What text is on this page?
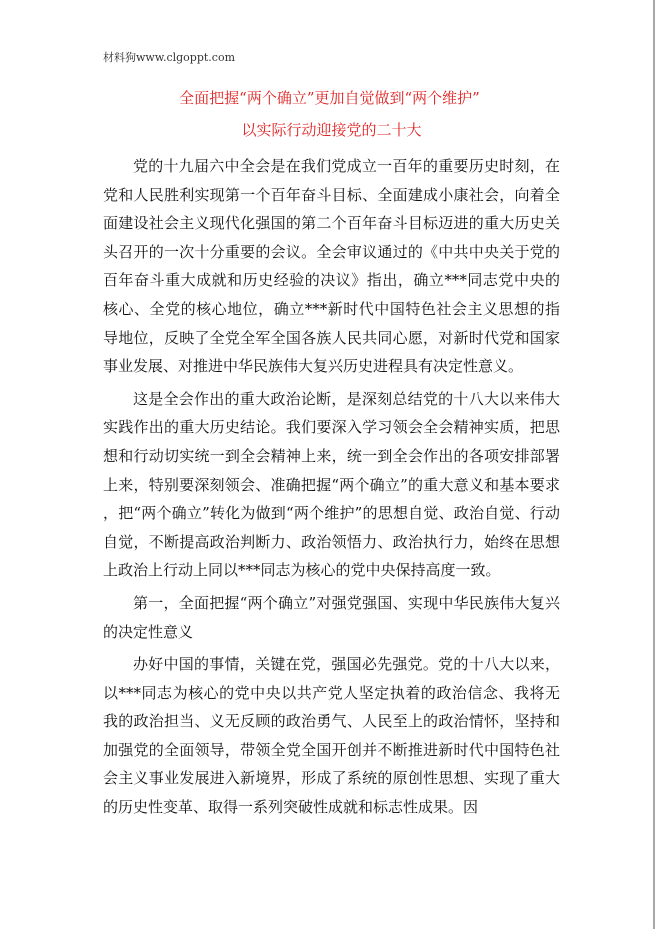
材料狗www.clgoppt.com
全面把握“两个确立”更加自觉做到“两个维护”
以实际行动迎接党的二十大

党的十九届六中全会是在我们党成立一百年的重要历史时刻，在党和人民胜利实现第一个百年奋斗目标、全面建成小康社会，向着全面建设社会主义现代化强国的第二个百年奋斗目标迈进的重大历史关头召开的一次十分重要的会议。全会审议通过的《中共中央关于党的百年奋斗重大成就和历史经验的决议》指出，确立***同志党中央的核心、全党的核心地位，确立***新时代中国特色社会主义思想的指导地位，反映了全党全军全国各族人民共同心愿，对新时代党和国家事业发展、对推进中华民族伟大复兴历史进程具有决定性意义。

这是全会作出的重大政治论断，是深刻总结党的十八大以来伟大实践作出的重大历史结论。我们要深入学习领会全会精神实质，把思想和行动切实统一到全会精神上来，统一到全会作出的各项安排部署上来，特别要深刻领会、准确把握“两个确立”的重大意义和基本要求，把“两个确立”转化为做到“两个维护”的思想自觉、政治自觉、行动自觉，不断提高政治判断力、政治领悟力、政治执行力，始终在思想上政治上行动上同以***同志为核心的党中央保持高度一致。

第一，全面把握“两个确立”对强党强国、实现中华民族伟大复兴的决定性意义

办好中国的事情，关键在党，强国必先强党。党的十八大以来，以***同志为核心的党中央以共产党人坚定执着的政治信念、我将无我的政治担当、义无反顾的政治勇气、人民至上的政治情怀，坚持和加强党的全面领导，带领全党全国开创并不断推进新时代中国特色社会主义事业发展进入新境界，形成了系统的原创性思想、实现了重大的历史性变革、取得一系列突破性成就和标志性成果。因
